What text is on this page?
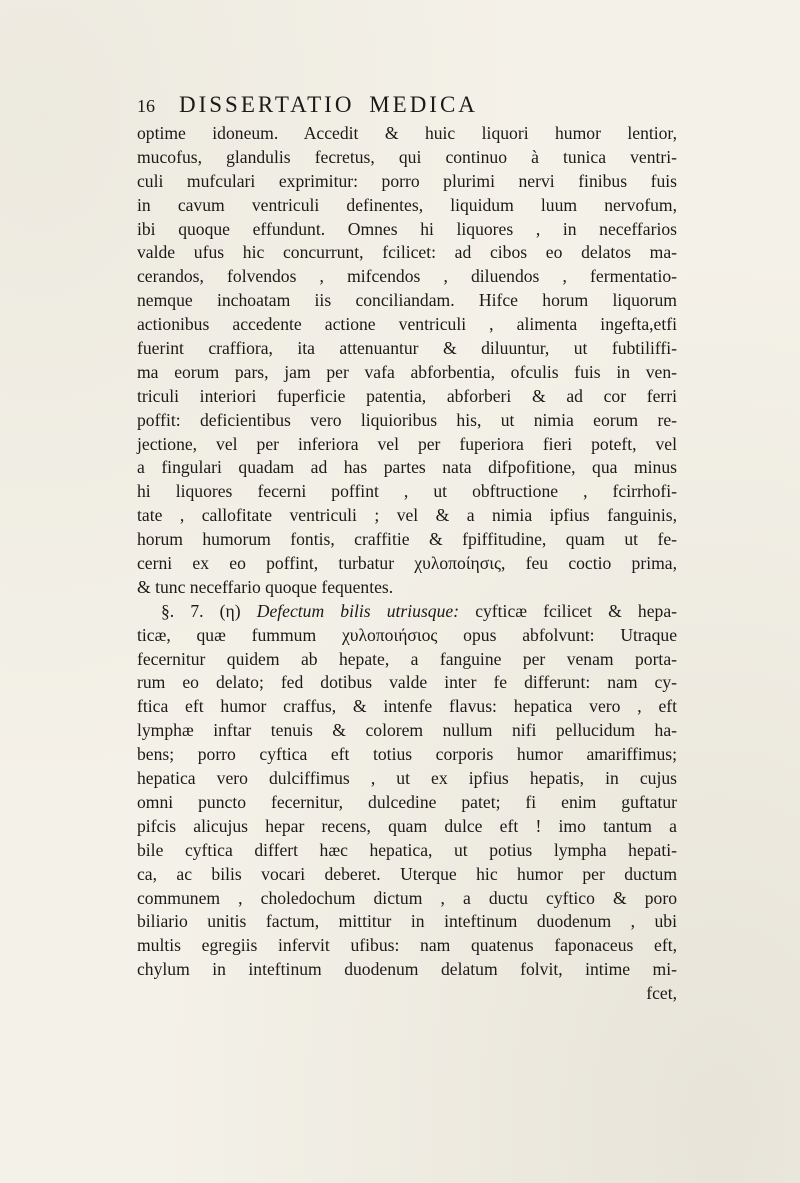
16	DISSERTATIO MEDICA
optime idoneum. Accedit & huic liquori humor lentior,
mucofus, glandulis fecretus, qui continuo à tunica ventri-
culi mufculari exprimitur: porro plurimi nervi finibus fuis
in cavum ventriculi definentes, liquidum luum nervofum,
ibi quoque effundunt. Omnes hi liquores , in neceffarios
valde ufus hic concurrunt, fcilicet: ad cibos eo delatos ma-
cerandos, folvendos , mifcendos , diluendos , fermentatio-
nemque inchoatam iis conciliandam. Hifce horum liquorum
actionibus accedente actione ventriculi , alimenta ingefta,etfi
fuerint craffiora, ita attenuantur & diluuntur, ut fubtiliffi-
ma eorum pars, jam per vafa abforbentia, ofculis fuis in ven-
triculi interiori fuperficie patentia, abforberi & ad cor ferri
poffit: deficientibus vero liquioribus his, ut nimia eorum re-
jectione, vel per inferiora vel per fuperiora fieri poteft, vel
a fingulari quadam ad has partes nata difpofitione, qua minus
hi liquores fecerni poffint , ut obftructione , fcirrhofi-
tate , callofitate ventriculi ; vel & a nimia ipfius fanguinis,
horum humorum fontis, craffitie & fpiffitudine, quam ut fe-
cerni ex eo poffint, turbatur χυλοποίησις, feu coctio prima,
& tunc neceffario quoque fequentes.
§. 7. (η) Defectum bilis utriusque: cyfticæ fcilicet & hepa-
ticæ, quæ fummum χυλοποιήσιος opus abfolvunt: Utraque
fecernitur quidem ab hepate, a fanguine per venam porta-
rum eo delato; fed dotibus valde inter fe differunt: nam cy-
ftica eft humor craffus, & intenfe flavus: hepatica vero , eft
lymphæ inftar tenuis & colorem nullum nifi pellucidum ha-
bens; porro cyftica eft totius corporis humor amariffimus;
hepatica vero dulciffimus , ut ex ipfius hepatis, in cujus
omni puncto fecernitur, dulcedine patet; fi enim guftatur
pifcis alicujus hepar recens, quam dulce eft ! imo tantum a
bile cyftica differt hæc hepatica, ut potius lympha hepati-
ca, ac bilis vocari deberet. Uterque hic humor per ductum
communem , choledochum dictum , a ductu cyftico & poro
biliario unitis factum, mittitur in inteftinum duodenum , ubi
multis egregiis infervit ufibus: nam quatenus faponaceus eft,
chylum in inteftinum duodenum delatum folvit, intime mi-
fcet,
